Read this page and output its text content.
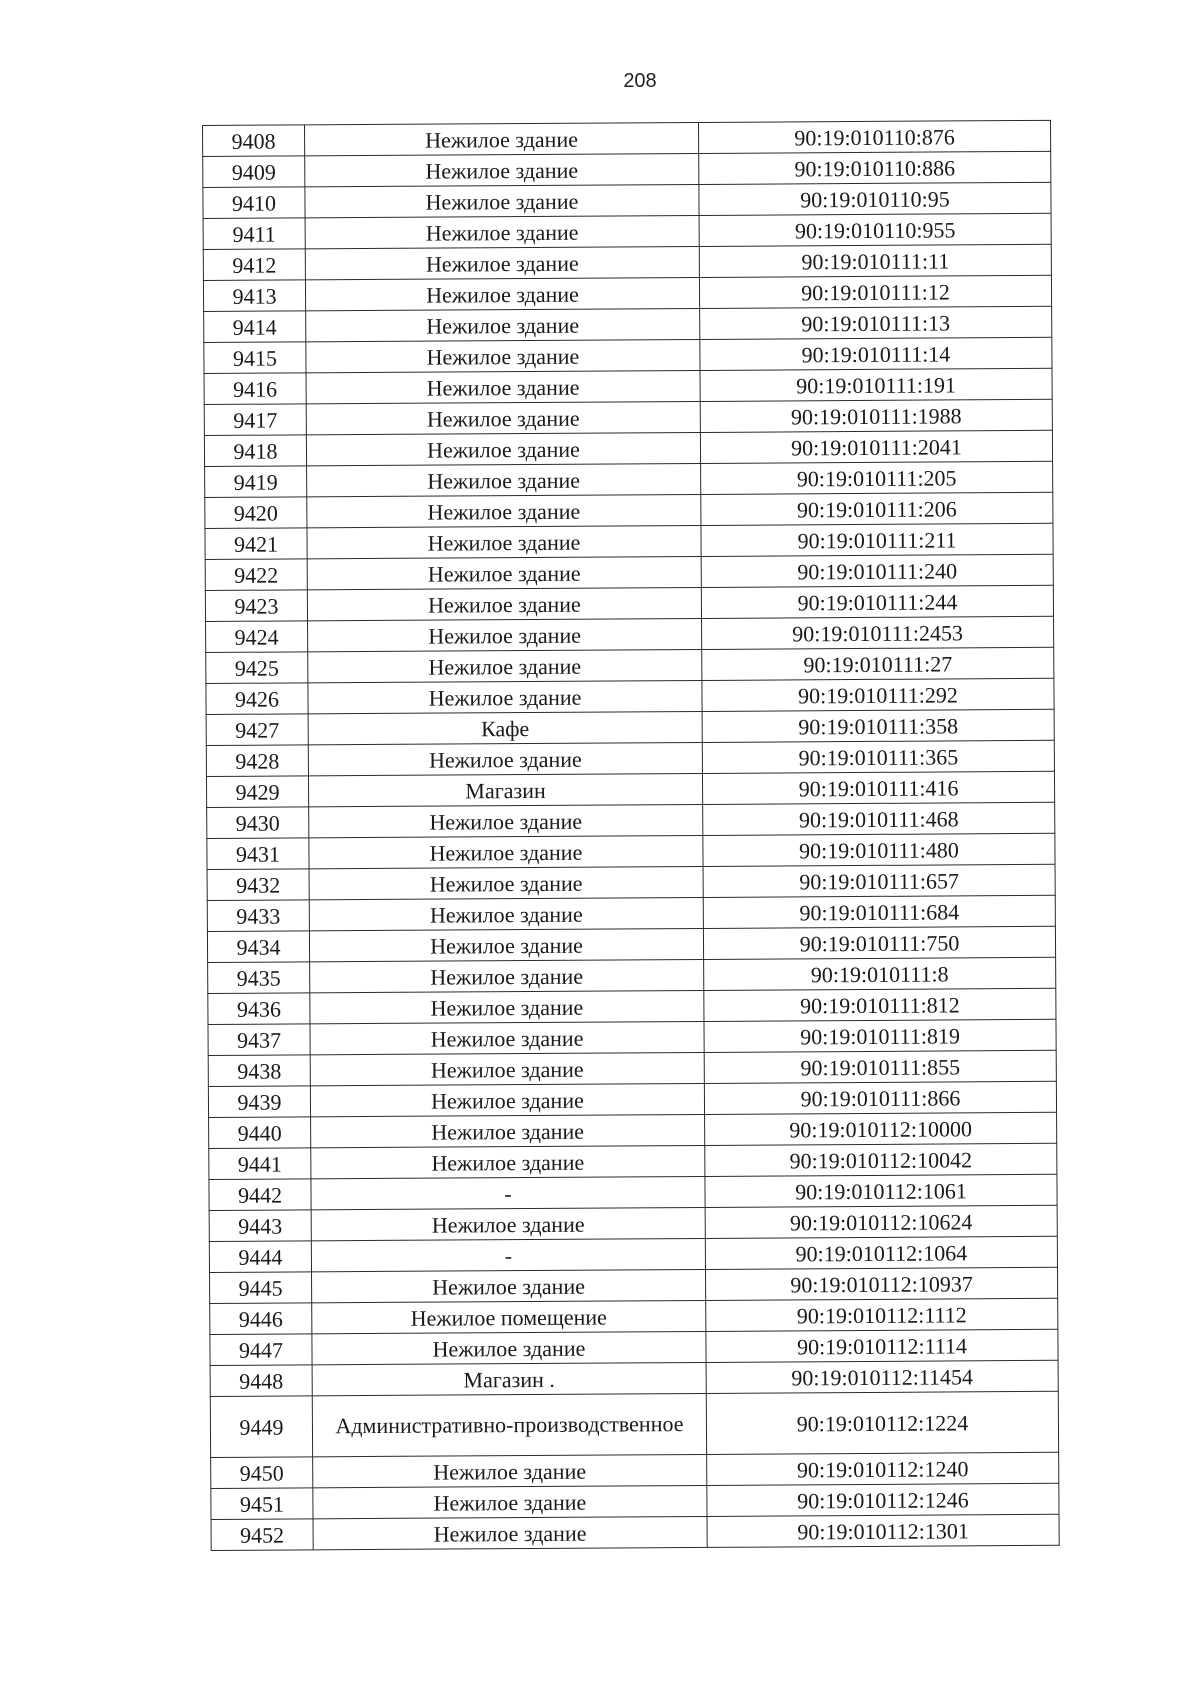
208
9408	Нежилое здание	90:19:010110:876
9409	Нежилое здание	90:19:010110:886
9410	Нежилое здание	90:19:010110:95
9411	Нежилое здание	90:19:010110:955
9412	Нежилое здание	90:19:010111:11
9413	Нежилое здание	90:19:010111:12
9414	Нежилое здание	90:19:010111:13
9415	Нежилое здание	90:19:010111:14
9416	Нежилое здание	90:19:010111:191
9417	Нежилое здание	90:19:010111:1988
9418	Нежилое здание	90:19:010111:2041
9419	Нежилое здание	90:19:010111:205
9420	Нежилое здание	90:19:010111:206
9421	Нежилое здание	90:19:010111:211
9422	Нежилое здание	90:19:010111:240
9423	Нежилое здание	90:19:010111:244
9424	Нежилое здание	90:19:010111:2453
9425	Нежилое здание	90:19:010111:27
9426	Нежилое здание	90:19:010111:292
9427	Кафе	90:19:010111:358
9428	Нежилое здание	90:19:010111:365
9429	Магазин	90:19:010111:416
9430	Нежилое здание	90:19:010111:468
9431	Нежилое здание	90:19:010111:480
9432	Нежилое здание	90:19:010111:657
9433	Нежилое здание	90:19:010111:684
9434	Нежилое здание	90:19:010111:750
9435	Нежилое здание	90:19:010111:8
9436	Нежилое здание	90:19:010111:812
9437	Нежилое здание	90:19:010111:819
9438	Нежилое здание	90:19:010111:855
9439	Нежилое здание	90:19:010111:866
9440	Нежилое здание	90:19:010112:10000
9441	Нежилое здание	90:19:010112:10042
9442	-	90:19:010112:1061
9443	Нежилое здание	90:19:010112:10624
9444	-	90:19:010112:1064
9445	Нежилое здание	90:19:010112:10937
9446	Нежилое помещение	90:19:010112:1112
9447	Нежилое здание	90:19:010112:1114
9448	Магазин .	90:19:010112:11454
9449	Административно-производственное	90:19:010112:1224
9450	Нежилое здание	90:19:010112:1240
9451	Нежилое здание	90:19:010112:1246
9452	Нежилое здание	90:19:010112:1301
